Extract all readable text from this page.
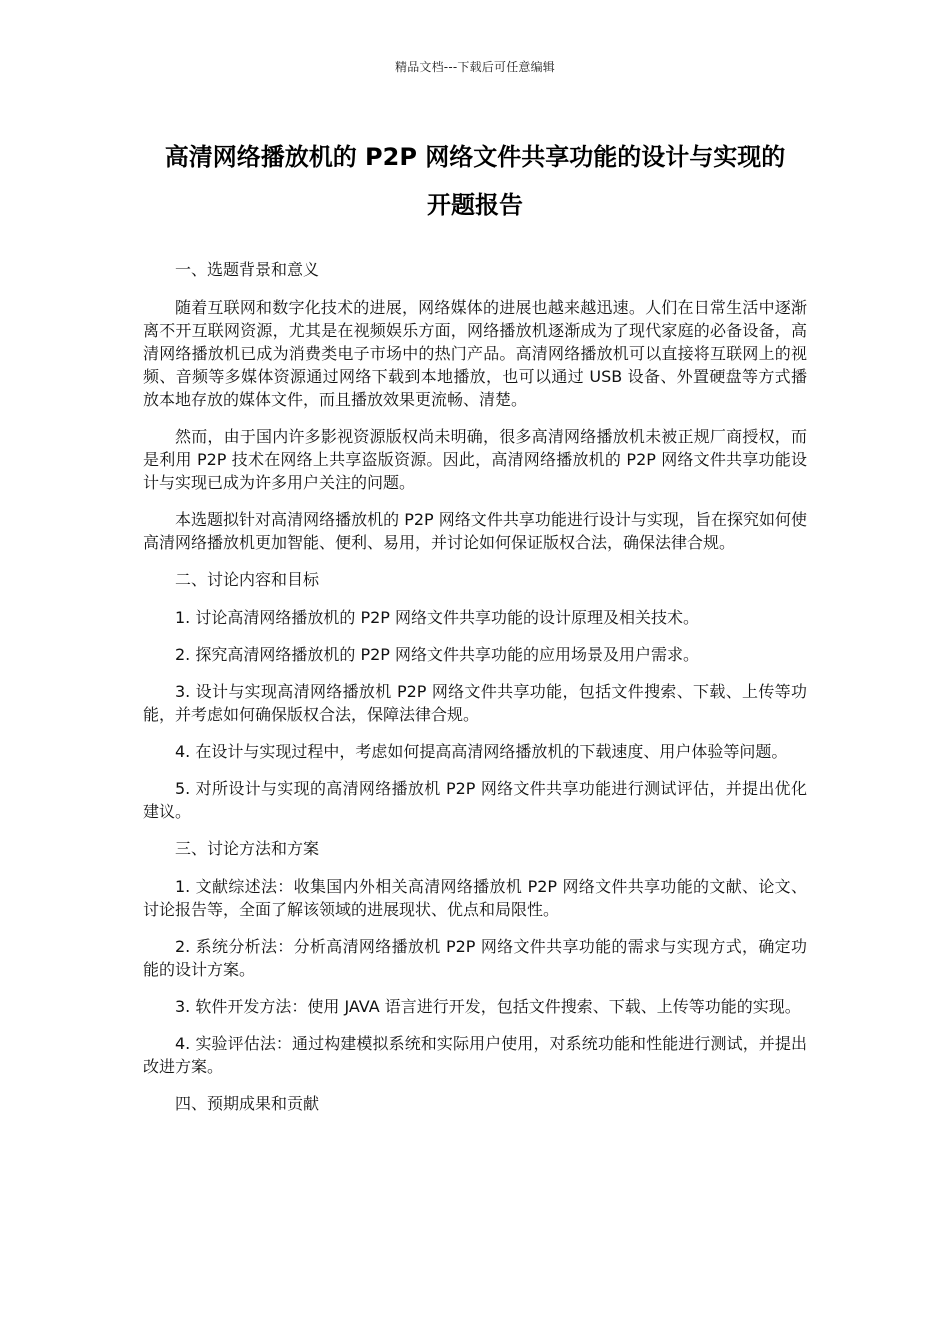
精品文档---下载后可任意编辑
高清网络播放机的 P2P 网络文件共享功能的设计与实现的
开题报告

一、选题背景和意义

随着互联网和数字化技术的进展，网络媒体的进展也越来越迅速。人们在日常生活中逐渐离不开互联网资源，尤其是在视频娱乐方面，网络播放机逐渐成为了现代家庭的必备设备，高清网络播放机已成为消费类电子市场中的热门产品。高清网络播放机可以直接将互联网上的视频、音频等多媒体资源通过网络下载到本地播放，也可以通过 USB 设备、外置硬盘等方式播放本地存放的媒体文件，而且播放效果更流畅、清楚。

然而，由于国内许多影视资源版权尚未明确，很多高清网络播放机未被正规厂商授权，而是利用 P2P 技术在网络上共享盗版资源。因此，高清网络播放机的 P2P 网络文件共享功能设计与实现已成为许多用户关注的问题。

本选题拟针对高清网络播放机的 P2P 网络文件共享功能进行设计与实现，旨在探究如何使高清网络播放机更加智能、便利、易用，并讨论如何保证版权合法，确保法律合规。

二、讨论内容和目标

1. 讨论高清网络播放机的 P2P 网络文件共享功能的设计原理及相关技术。

2. 探究高清网络播放机的 P2P 网络文件共享功能的应用场景及用户需求。

3. 设计与实现高清网络播放机 P2P 网络文件共享功能，包括文件搜索、下载、上传等功能，并考虑如何确保版权合法，保障法律合规。

4. 在设计与实现过程中，考虑如何提高高清网络播放机的下载速度、用户体验等问题。

5. 对所设计与实现的高清网络播放机 P2P 网络文件共享功能进行测试评估，并提出优化建议。

三、讨论方法和方案

1. 文献综述法：收集国内外相关高清网络播放机 P2P 网络文件共享功能的文献、论文、讨论报告等，全面了解该领域的进展现状、优点和局限性。

2. 系统分析法：分析高清网络播放机 P2P 网络文件共享功能的需求与实现方式，确定功能的设计方案。

3. 软件开发方法：使用 JAVA 语言进行开发，包括文件搜索、下载、上传等功能的实现。

4. 实验评估法：通过构建模拟系统和实际用户使用，对系统功能和性能进行测试，并提出改进方案。

四、预期成果和贡献
